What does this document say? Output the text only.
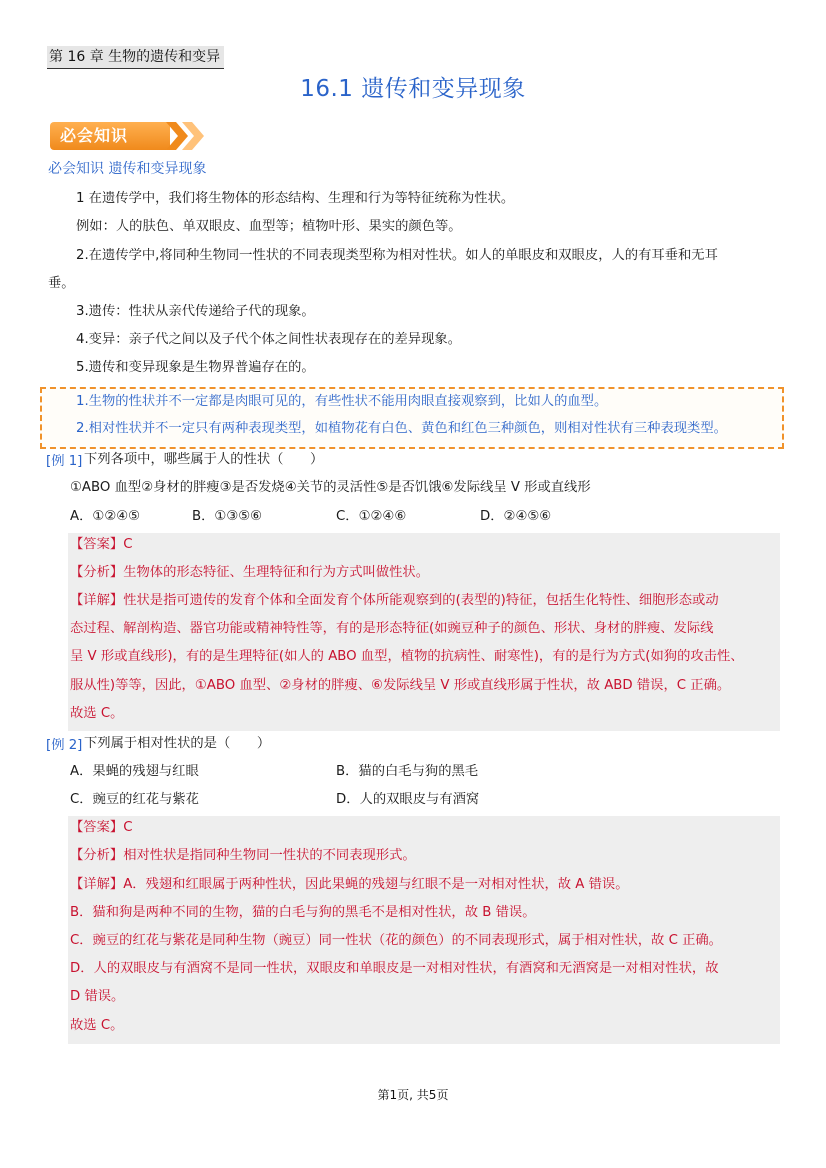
第 16 章 生物的遗传和变异
16.1 遗传和变异现象
必会知识
必会知识 遗传和变异现象
1 在遗传学中，我们将生物体的形态结构、生理和行为等特征统称为性状。
例如：人的肤色、单双眼皮、血型等；植物叶形、果实的颜色等。
2.在遗传学中,将同种生物同一性状的不同表现类型称为相对性状。如人的单眼皮和双眼皮，人的有耳垂和无耳
垂。
3.遗传：性状从亲代传递给子代的现象。
4.变异：亲子代之间以及子代个体之间性状表现存在的差异现象。
5.遗传和变异现象是生物界普遍存在的。
1.生物的性状并不一定都是肉眼可见的，有些性状不能用肉眼直接观察到，比如人的血型。
2.相对性状并不一定只有两种表现类型，如植物花有白色、黄色和红色三种颜色，则相对性状有三种表现类型。
[例 1] 下列各项中，哪些属于人的性状（　　）
①ABO 血型②身材的胖瘦③是否发烧④关节的灵活性⑤是否饥饿⑥发际线呈 V 形或直线形
A．①②④⑤	B．①③⑤⑥	C．①②④⑥	D．②④⑤⑥
【答案】C
【分析】生物体的形态特征、生理特征和行为方式叫做性状。
【详解】性状是指可遗传的发育个体和全面发育个体所能观察到的(表型的)特征，包括生化特性、细胞形态或动
态过程、解剖构造、器官功能或精神特性等，有的是形态特征(如豌豆种子的颜色、形状、身材的胖瘦、发际线
呈 V 形或直线形)，有的是生理特征(如人的 ABO 血型，植物的抗病性、耐寒性)，有的是行为方式(如狗的攻击性、
服从性)等等，因此，①ABO 血型、②身材的胖瘦、⑥发际线呈 V 形或直线形属于性状，故 ABD 错误，C 正确。
故选 C。
[例 2] 下列属于相对性状的是（　　）
A．果蝇的残翅与红眼	B．猫的白毛与狗的黑毛
C．豌豆的红花与紫花	D．人的双眼皮与有酒窝
【答案】C
【分析】相对性状是指同种生物同一性状的不同表现形式。
【详解】A．残翅和红眼属于两种性状，因此果蝇的残翅与红眼不是一对相对性状，故 A 错误。
B．猫和狗是两种不同的生物，猫的白毛与狗的黑毛不是相对性状，故 B 错误。
C．豌豆的红花与紫花是同种生物（豌豆）同一性状（花的颜色）的不同表现形式，属于相对性状，故 C 正确。
D．人的双眼皮与有酒窝不是同一性状，双眼皮和单眼皮是一对相对性状，有酒窝和无酒窝是一对相对性状，故
D 错误。
故选 C。
第1页, 共5页
